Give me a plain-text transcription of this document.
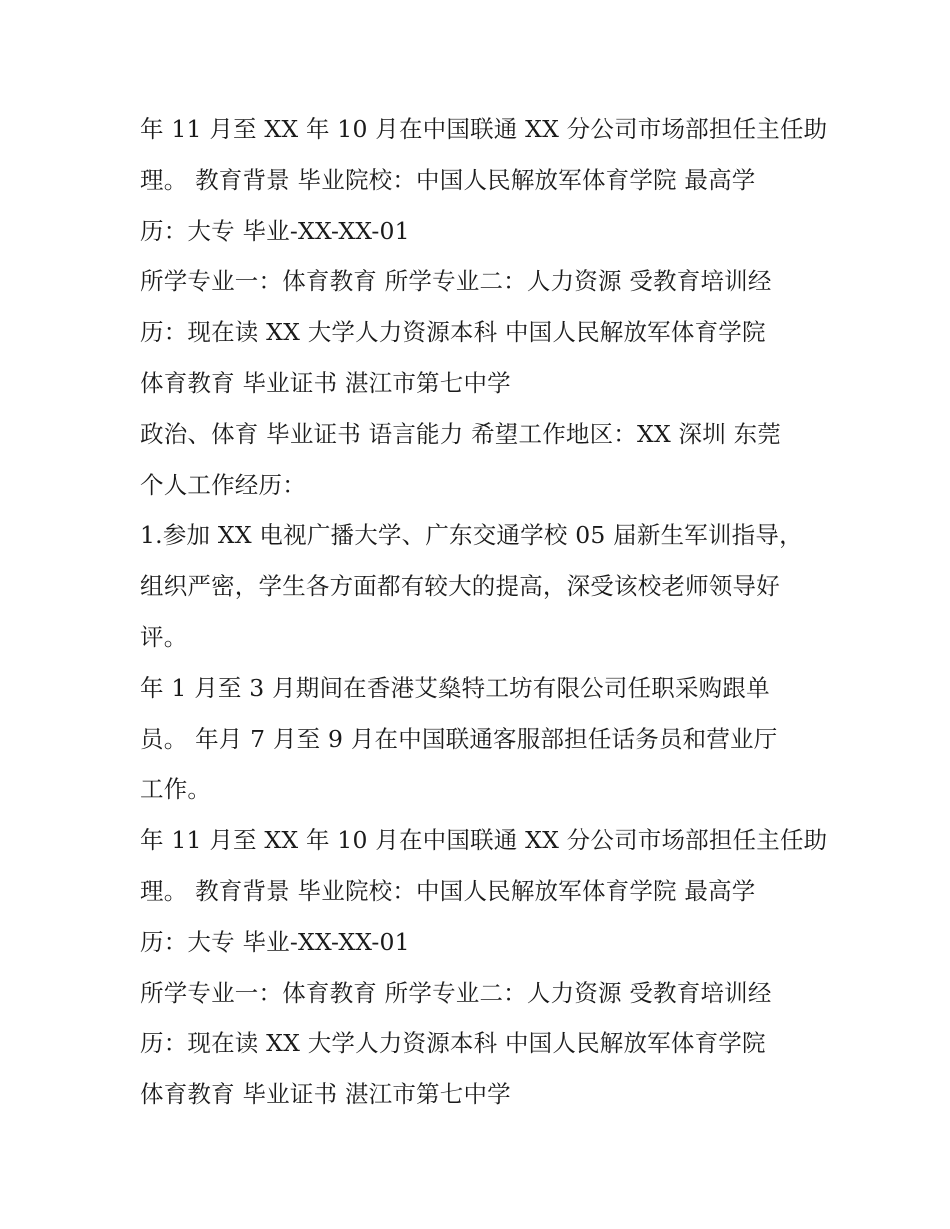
年 11 月至 XX 年 10 月在中国联通 XX 分公司市场部担任主任助
理。 教育背景 毕业院校：中国人民解放军体育学院 最高学
历：大专 毕业-XX-XX-01
所学专业一：体育教育 所学专业二：人力资源 受教育培训经
历：现在读 XX 大学人力资源本科 中国人民解放军体育学院
体育教育 毕业证书 湛江市第七中学
政治、体育 毕业证书 语言能力 希望工作地区：XX 深圳 东莞
个人工作经历：
1.参加 XX 电视广播大学、广东交通学校 05 届新生军训指导，
组织严密，学生各方面都有较大的提高，深受该校老师领导好
评。
年 1 月至 3 月期间在香港艾燊特工坊有限公司任职采购跟单
员。 年月 7 月至 9 月在中国联通客服部担任话务员和营业厅
工作。
年 11 月至 XX 年 10 月在中国联通 XX 分公司市场部担任主任助
理。 教育背景 毕业院校：中国人民解放军体育学院 最高学
历：大专 毕业-XX-XX-01
所学专业一：体育教育 所学专业二：人力资源 受教育培训经
历：现在读 XX 大学人力资源本科 中国人民解放军体育学院
体育教育 毕业证书 湛江市第七中学
